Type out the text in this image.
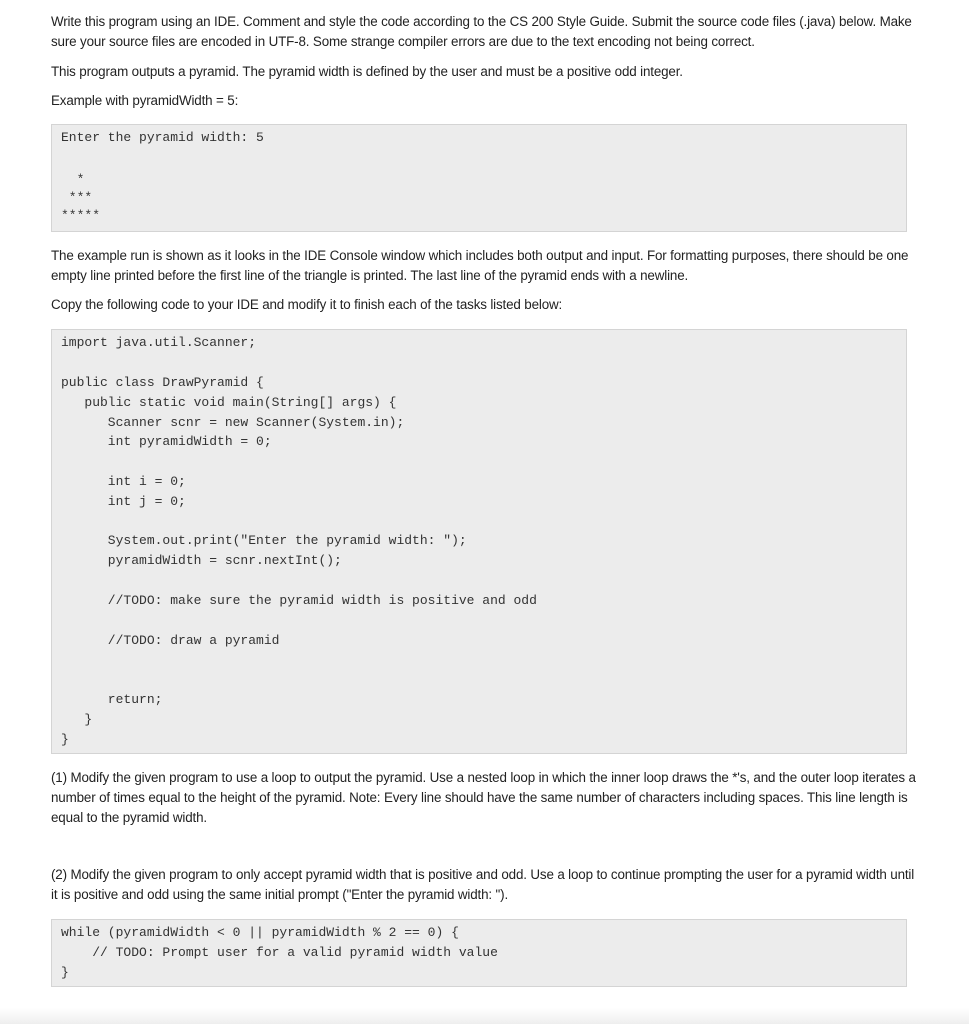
Write this program using an IDE. Comment and style the code according to the CS 200 Style Guide. Submit the source code files (.java) below. Make sure your source files are encoded in UTF-8. Some strange compiler errors are due to the text encoding not being correct.

This program outputs a pyramid. The pyramid width is defined by the user and must be a positive odd integer.

Example with pyramidWidth = 5:

Enter the pyramid width: 5
*
***
*****

The example run is shown as it looks in the IDE Console window which includes both output and input. For formatting purposes, there should be one empty line printed before the first line of the triangle is printed. The last line of the pyramid ends with a newline.

Copy the following code to your IDE and modify it to finish each of the tasks listed below:

import java.util.Scanner;
public class DrawPyramid {
public static void main(String[] args) {
Scanner scnr = new Scanner(System.in);
int pyramidWidth = 0;
int i = 0;
int j = 0;
System.out.print("Enter the pyramid width: ");
pyramidWidth = scnr.nextInt();
//TODO: make sure the pyramid width is positive and odd
//TODO: draw a pyramid
return;
}
}

(1) Modify the given program to use a loop to output the pyramid. Use a nested loop in which the inner loop draws the *'s, and the outer loop iterates a number of times equal to the height of the pyramid. Note: Every line should have the same number of characters including spaces. This line length is equal to the pyramid width.

(2) Modify the given program to only accept pyramid width that is positive and odd. Use a loop to continue prompting the user for a pyramid width until it is positive and odd using the same initial prompt ("Enter the pyramid width: ").

while (pyramidWidth < 0 || pyramidWidth % 2 == 0) {
// TODO: Prompt user for a valid pyramid width value
}
